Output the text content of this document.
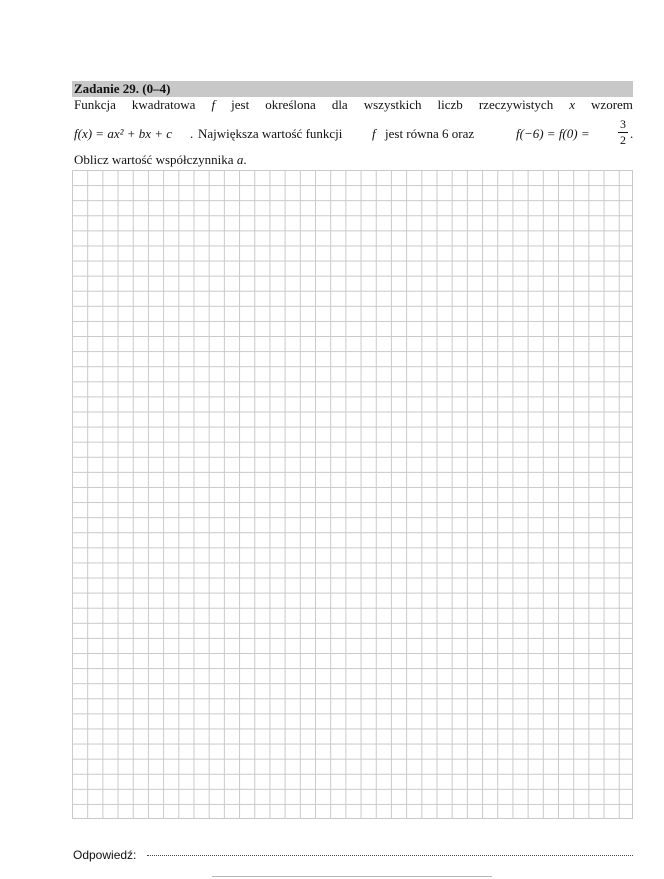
Zadanie 29. (0–4)
Funkcja kwadratowa f jest określona dla wszystkich liczb rzeczywistych x wzorem
f(x) = ax² + bx + c . Największa wartość funkcji f jest równa 6 oraz	f(−6) = f(0) =
3
2 .
Oblicz wartość współczynnika a.
Odpowiedź:
